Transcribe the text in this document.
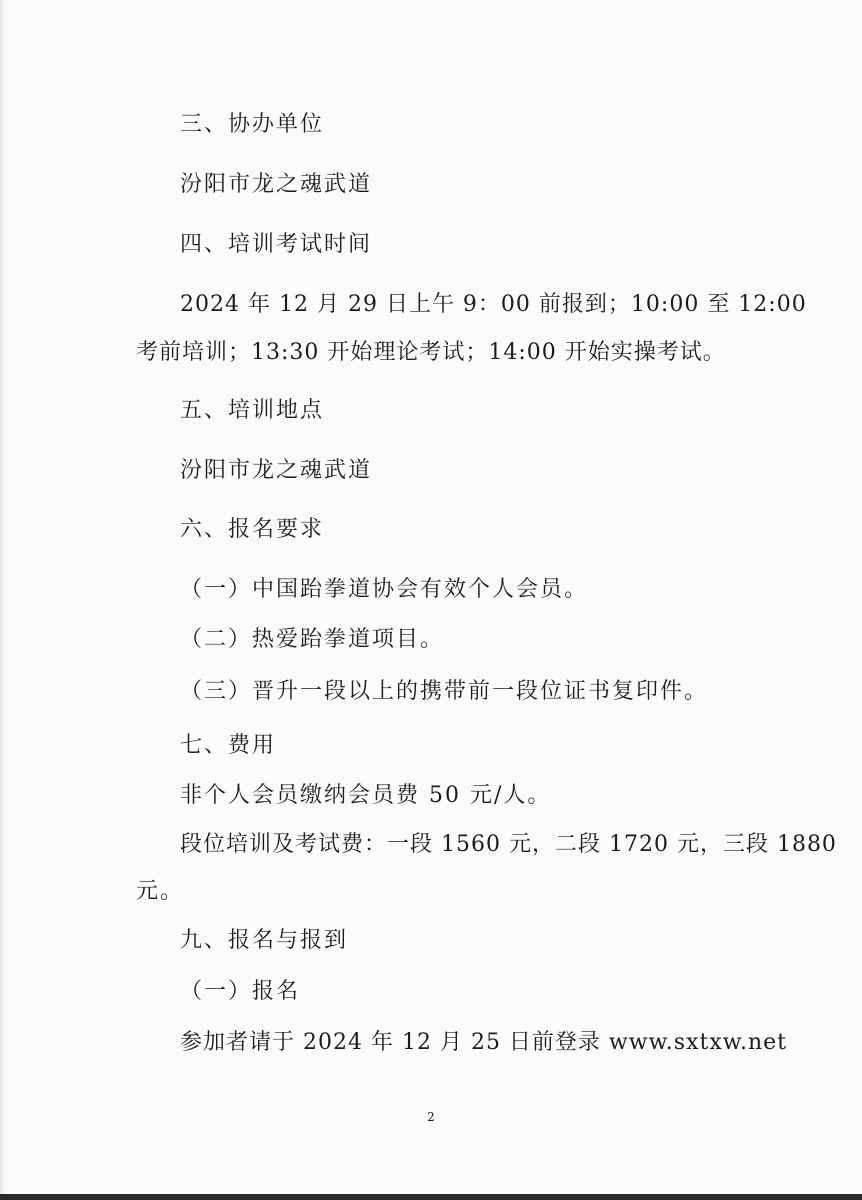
三、协办单位
汾阳市龙之魂武道
四、培训考试时间
2024 年 12 月 29 日上午 9：00 前报到；10:00 至 12:00
考前培训；13:30 开始理论考试；14:00 开始实操考试。
五、培训地点
汾阳市龙之魂武道
六、报名要求
（一）中国跆拳道协会有效个人会员。
（二）热爱跆拳道项目。
（三）晋升一段以上的携带前一段位证书复印件。
七、费用
非个人会员缴纳会员费 50 元/人。
段位培训及考试费：一段 1560 元，二段 1720 元，三段 1880
元。
九、报名与报到
（一）报名
参加者请于 2024 年 12 月 25 日前登录 www.sxtxw.net
2
